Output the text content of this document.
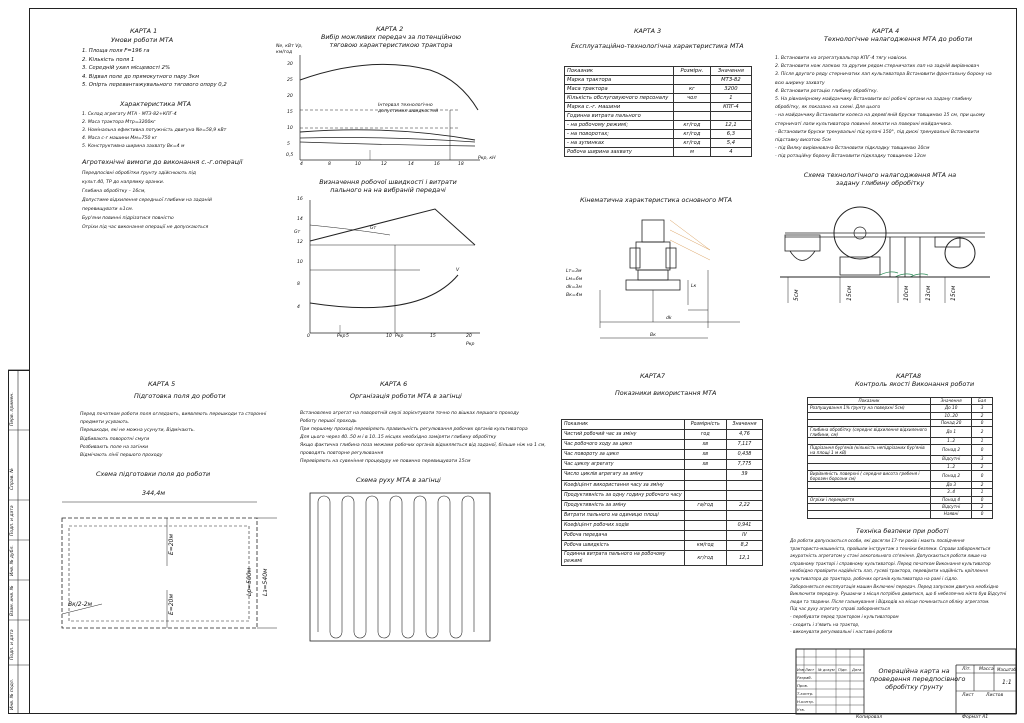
Перв. примен.
Справ. №
Подп. и дата
Инв. № дубл.
Взам. инв. №
Подп. и дата
Инв. № подл.
КАРТА 1
Умови роботи МТА
1. Площа поля F=196 га
2. Кількість поля 1
3. Середній ухил місцевості 2%
4. Відвал поле до прямокутного пару 3км
5. Опірть перевантажувального тягового опору 0,2
Характеристика МТА
1. Склад агрегату МТА - МТЗ-82+КПГ-4
2. Маса трактора Мтр=3200кг
3. Номінальна ефективна потужність двигуна Ne=58,9 кВт
4. Маса с-г машини Мм=750 кг
5. Конструктивна ширина захвату Вк=4 м
Агротехнічні вимоги до виконання с.-г.операції
Передпосівні обробітки ґрунту здійснюють під
культ.40, ТР до напрямку оранки.
Глибина обробітку – 16см,
Допустиме відхилення середньої глибини на заданій
перевищувати ±1см.
Бур'яни повинні підрізатися повністю
Огріхи під час виконання операції не допускаються
КАРТА 2
Вибір можливих передач за потенційною тяговою характеристикою трактора
Ne, кВт Vp, км/год
30
25
20
15
10
5
0,5
4	8	10	12	14	16	18
Pкр, кН
Інтервал технологічно
допустимих швидкостей
Визначення робочої швидкості і витрати пального на на вибраній передачі
Gт
16
14
12
10
8
4
0	Pкр 5	10 Pкр	15	20
Pкр
Gт
V
КАРТА 3
Експлуатаційно-технологічна характеристика МТА
Показник	Розмірн.	Значення
Марка трактора		МТЗ-82
Маса трактора	кг	3200
Кількість обслуговуючого персоналу	чол	1
Марка с.-г. машини		КПГ-4
Годинна витрата пального		
- на робочому режимі;	кг/год	12,1
- на поворотах;	кг/год	6,3
- на зупинках	кг/год	5,4
Робоча ширина захвату	м	4
Кінематична характеристика основного МТА
Lт=3м
Lм=6м
dk=3м
Вк=4м
Lк
dk
Вк
КАРТА 4
Технологічне налагодження МТА до роботи
1. Встановити на агрегатувальтор КПГ-4 тягу навіски.
2. Встановити нож лапкою та другим рядом стерничатих лап на задній вирівнювач
3. Після другого ряду стерничатих лап культиватора Встановити фронтальну борону на
всю ширину захвату
4. Встановити ротацію глибину обробітку.
5. На рівномірному майданчику Встановити всі робочі органи на задану глибину
обробітку, як показано на схемі. Для цього
- на майданчику Встановити колеса на дерев'яній бруски товщиною 15 см, при цьому
стерничаті лапи культиватора повинні лежати на поверхні майданчика.
- Встановити бруски тренувальні під кулачі 150°, під дискі тренувальні Встановити
підставку висотою 5см
- під Вилку вирівнювача Встановити підкладку товщиною 10см
- під ротаційну борону Встановити підкладку товщиною 13см
Схема технологічного налагодження МТА на задану глибину обробітку
5см	15см	10см	13см	15см
КАРТА 5
Підготовка поля до роботи
Перед початком роботи поля оглядають, виявляють перешкоди та сторонні
предмети усувають.
Перешкоди, які не можна усунути, Відмічають.
Відбивають поворотні смуги
Розбивають поле на загінки
Відмічають лінії першого проходу
Схема підготовки поля до роботи
344,4м
Е=20м
Е=20м
Lp=500м Lз=540м
Вк/2-2м
КАРТА 6
Організація роботи МТА в загінці
Встановлено агрегат на поворотній смузі зорієнтувати точно по вішках першого проходу
Роботу першої проходь
При першому проході перевіряють правильність регулювання робочих органів культиватора
Для цього через 40..50 м і в 10..15 місцях необхідно заміряти глибину обробітку
Якщо фактична глибина поза межами робочих органів відхиляється від заданої, більше ніж на 1 см,
проводять повторне регулювання
Перевіряють на сувеніння процедуру не повинно перевищувати 15см
Схема руху МТА в загінці
КАРТА7
Показники використання МТА
Показник	Розмірність	Значення
Чистий робочий час за зміну	год	4,76
Час робочого ходу за цикл	хв	7,117
Час повороту за цикл	хв	0,438
Час циклу агрегату	хв	7,775
Число циклів агрегату за зміну		39
Коефіцієнт використання часу за зміну		
Продуктивність за одну годину робочого часу		
Продуктивність за зміну	га/год	2,22
Витрати пального на одиницю площі		
Коефіцієнт робочих ходів		0,941
Робоча передача		IV
Робоча швидкість	км/год	8,2
Годинна витрата пального на робочому режимі	кг/год	12,1
КАРТА8
Контроль якості Виконання роботи
Показник	Значення	Бал
Розпушування 1% ґрунту на поверхні 5см)	До 10	3
	10..20	2
	Понад 20	0
Глибина обробітку (середнє відхилення відхиленого глибини, см)	До 1	2
	1..2	1
Підрізання бур'янів (кількість непідрізаних бур'янів на площі 1 м кВ)	Понад 2	0
	Відсутні	3
	1..2	2
Вирівняність поверхні ( середня висота гребеня і борозен борозни см)	Понад 2	0
	До 3	2
	3..4	1
Огріхи і перекриття	Понад 4	0
	Відсутні	2
	Наявні	0
Техніка безпеки при роботі
До роботи допускаються особи, які досягли 17-ти років і мають посвідчення
тракториста-машиніста, пройшли інструктаж з техніки безпеки. Справи забороняється
акуратність агрегатом у стані алкогольного сп'яніння. Допускаються роботи лише на
справному тракторі і справному культиваторі. Перед початком Виконання культиватор
необхідно провірити надійність лап, гусеві трактора, перевірити надійність кріплення
культиватора до трактора, робочих органів культиватора на рамі і сідло.
Забороняється експлуатація машин Включені передач. Перед запуском двигуна необхідно
Виключити передачу. Рушаючи з місця потрібно дивитися, що б небезпечно нікто був Відсутні
люди та тварини. Після гальмування і Відходів на місце починається обліку агрегатом.
Під час руху агрегату справі забороняється
- перебувати перед трактором і культиватором
- сходить і з'явить на трактор,
- виконувати регулювальні і наставні роботи
Изм Лист № докум Підп. Дата
Разраб.
Пров.
Т.контр.
Н.контр.
Утв.
Операційна карта на
проведення передпосівного
обробітку ґрунту
Літ. Масса Масштаб
1:1
Лист	Листов
Копировал	Формат А1
